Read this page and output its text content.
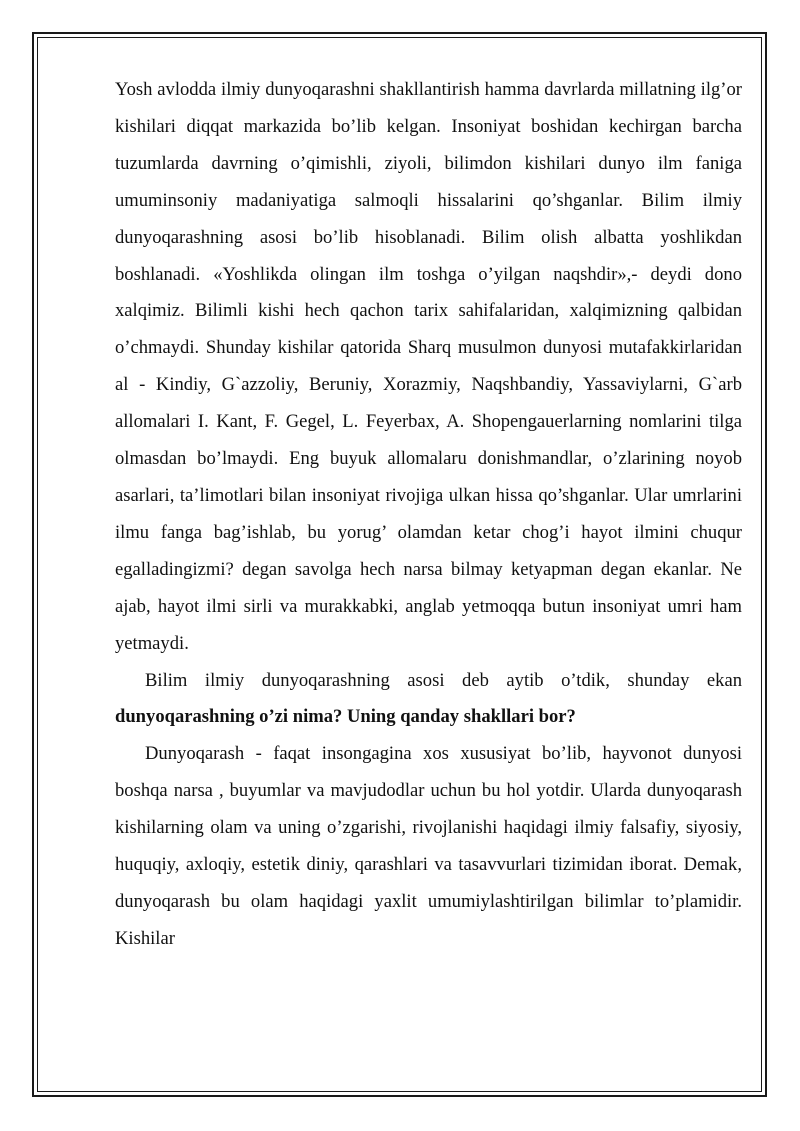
Yosh avlodda ilmiy dunyoqarashni shakllantirish hamma davrlarda millatning ilg’or kishilari diqqat markazida bo’lib kelgan. Insoniyat boshidan kechirgan barcha tuzumlarda davrning o’qimishli, ziyoli, bilimdon kishilari dunyo ilm faniga umuminsoniy madaniyatiga salmoqli hissalarini qo’shganlar. Bilim ilmiy dunyoqarashning asosi bo’lib hisoblanadi. Bilim olish albatta yoshlikdan boshlanadi. «Yoshlikda olingan ilm toshga o’yilgan naqshdir»,- deydi dono xalqimiz. Bilimli kishi hech qachon tarix sahifalaridan, xalqimizning qalbidan o’chmaydi. Shunday kishilar qatorida Sharq musulmon dunyosi mutafakkirlaridan al - Kindiy, G`azzoliy, Beruniy, Xorazmiy, Naqshbandiy, Yassaviylarni, G`arb allomalari I. Kant, F. Gegel, L. Feyerbax, A. Shopengauerlarning nomlarini tilga olmasdan bo’lmaydi. Eng buyuk allomalaru donishmandlar, o’zlarining noyob asarlari, ta’limotlari bilan insoniyat rivojiga ulkan hissa qo’shganlar. Ular umrlarini ilmu fanga bag’ishlab, bu yorug’ olamdan ketar chog’i hayot ilmini chuqur egalladingizmi? degan savolga hech narsa bilmay ketyapman degan ekanlar. Ne ajab, hayot ilmi sirli va murakkabki, anglab yetmoqqa butun insoniyat umri ham yetmaydi.

Bilim ilmiy dunyoqarashning asosi deb aytib o’tdik, shunday ekan dunyoqarashning o’zi nima? Uning qanday shakllari bor?

Dunyoqarash - faqat insongagina xos xususiyat bo’lib, hayvonot dunyosi boshqa narsa , buyumlar va mavjudodlar uchun bu hol yotdir. Ularda dunyoqarash kishilarning olam va uning o’zgarishi, rivojlanishi haqidagi ilmiy falsafiy, siyosiy, huquqiy, axloqiy, estetik diniy, qarashlari va tasavvurlari tizimidan iborat. Demak, dunyoqarash bu olam haqidagi yaxlit umumiylashtirilgan bilimlar to’plamidir. Kishilar
